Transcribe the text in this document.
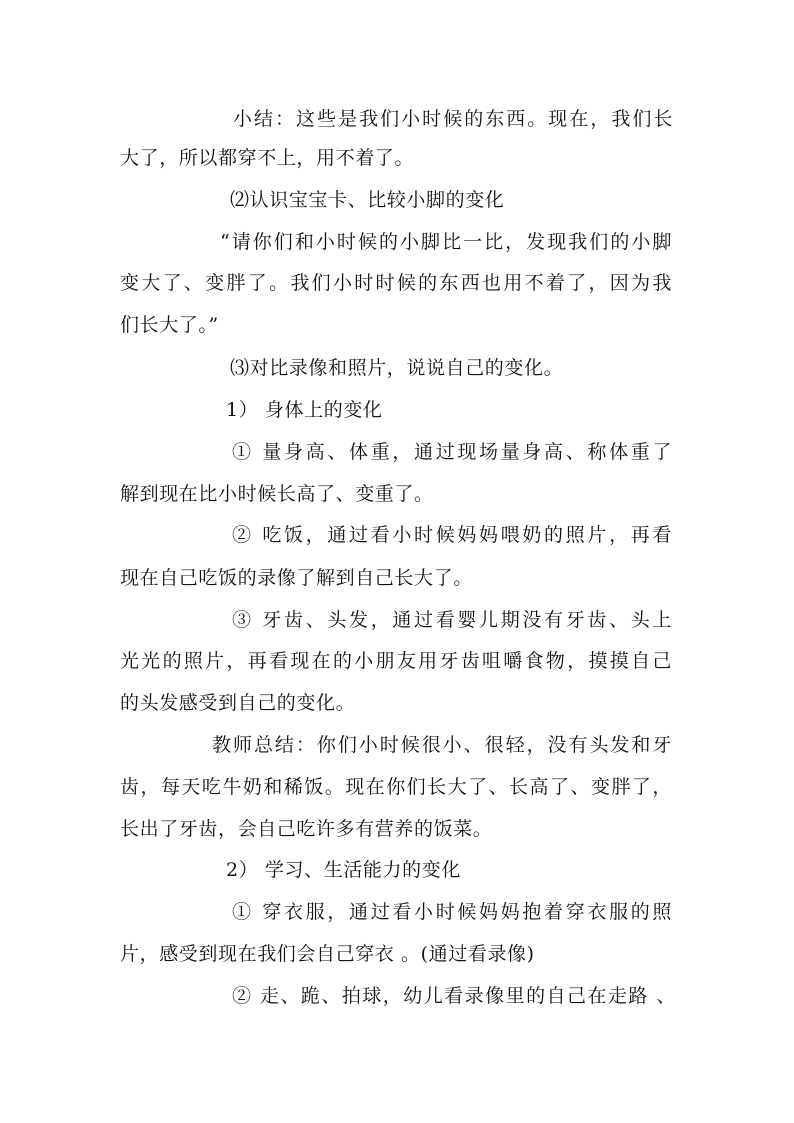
小结：这些是我们小时候的东西。现在，我们长
大了，所以都穿不上，用不着了。
⑵认识宝宝卡、比较小脚的变化
“请你们和小时候的小脚比一比，发现我们的小脚
变大了、变胖了。我们小时时候的东西也用不着了，因为我
们长大了。”
⑶对比录像和照片，说说自己的变化。
1） 身体上的变化
① 量身高、体重，通过现场量身高、称体重了
解到现在比小时候长高了、变重了。
② 吃饭，通过看小时候妈妈喂奶的照片，再看
现在自己吃饭的录像了解到自己长大了。
③ 牙齿、头发，通过看婴儿期没有牙齿、头上
光光的照片，再看现在的小朋友用牙齿咀嚼食物，摸摸自己
的头发感受到自己的变化。
教师总结：你们小时候很小、很轻，没有头发和牙
齿，每天吃牛奶和稀饭。现在你们长大了、长高了、变胖了，
长出了牙齿，会自己吃许多有营养的饭菜。
2） 学习、生活能力的变化
① 穿衣服，通过看小时候妈妈抱着穿衣服的照
片，感受到现在我们会自己穿衣 。(通过看录像)
② 走、跪、拍球，幼儿看录像里的自己在走路 、
